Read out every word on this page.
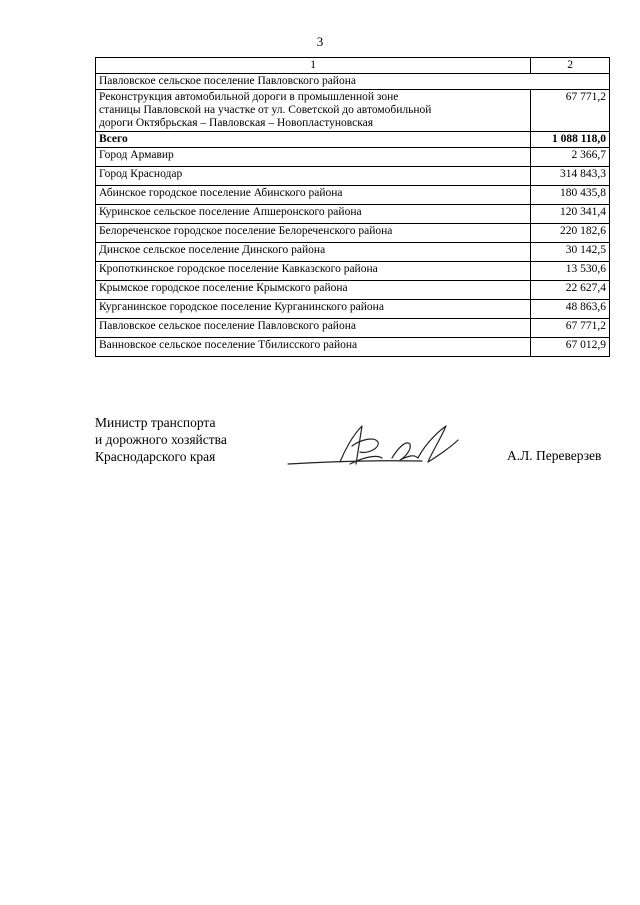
3
1	2
Павловское сельское поселение Павловского района	

Реконструкция автомобильной дороги в промышленной зоне
станицы Павловской на участке от ул. Советской до автомобильной
дороги Октябрьская – Павловская – Новопластуновская	67 771,2
Всего	1 088 118,0
Город Армавир	2 366,7
Город Краснодар	314 843,3
Абинское городское поселение Абинского района	180 435,8
Куринское сельское поселение Апшеронского района	120 341,4
Белореченское городское поселение Белореченского района	220 182,6
Динское сельское поселение Динского района	30 142,5
Кропоткинское городское поселение Кавказского района	13 530,6
Крымское городское поселение Крымского района	22 627,4
Курганинское городское поселение Курганинского района	48 863,6
Павловское сельское поселение Павловского района	67 771,2
Ванновское сельское поселение Тбилисского района	67 012,9
Министр транспорта
и дорожного хозяйства
Краснодарского края	А.Л. Переверзев
